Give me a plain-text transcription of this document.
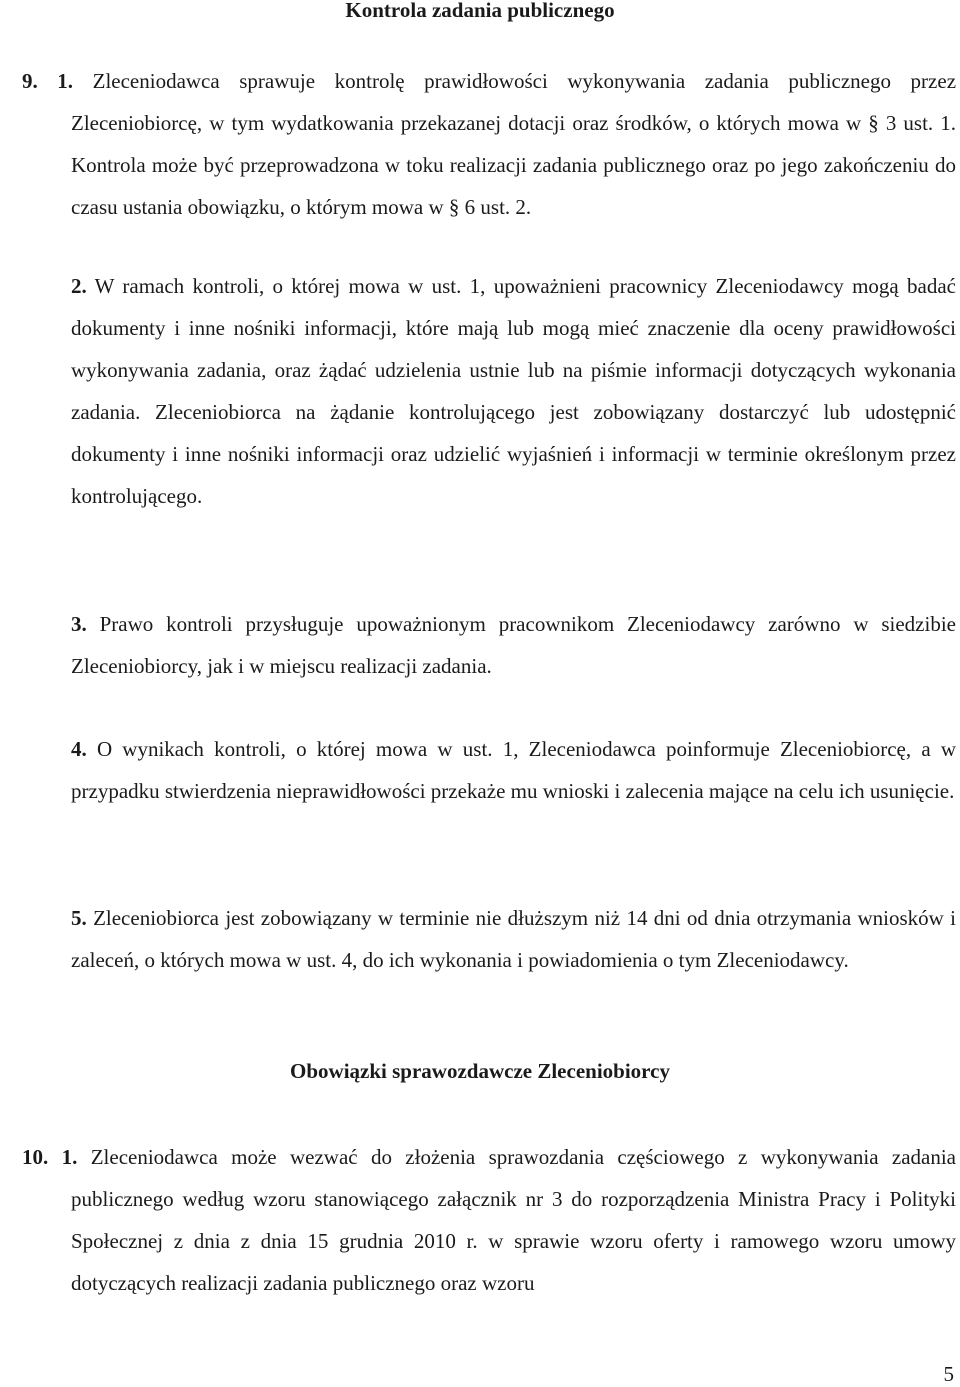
Kontrola zadania publicznego

9. 1. Zleceniodawca sprawuje kontrolę prawidłowości wykonywania zadania publicznego przez Zleceniobiorcę, w tym wydatkowania przekazanej dotacji oraz środków, o których mowa w § 3 ust. 1. Kontrola może być przeprowadzona w toku realizacji zadania publicznego oraz po jego zakończeniu do czasu ustania obowiązku, o którym mowa w § 6 ust. 2.

2. W ramach kontroli, o której mowa w ust. 1, upoważnieni pracownicy Zleceniodawcy mogą badać dokumenty i inne nośniki informacji, które mają lub mogą mieć znaczenie dla oceny prawidłowości wykonywania zadania, oraz żądać udzielenia ustnie lub na piśmie informacji dotyczących wykonania zadania. Zleceniobiorca na żądanie kontrolującego jest zobowiązany dostarczyć lub udostępnić dokumenty i inne nośniki informacji oraz udzielić wyjaśnień i informacji w terminie określonym przez kontrolującego.

3. Prawo kontroli przysługuje upoważnionym pracownikom Zleceniodawcy zarówno w siedzibie Zleceniobiorcy, jak i w miejscu realizacji zadania.

4. O wynikach kontroli, o której mowa w ust. 1, Zleceniodawca poinformuje Zleceniobiorcę, a w przypadku stwierdzenia nieprawidłowości przekaże mu wnioski i zalecenia mające na celu ich usunięcie.

5. Zleceniobiorca jest zobowiązany w terminie nie dłuższym niż 14 dni od dnia otrzymania wniosków i zaleceń, o których mowa w ust. 4, do ich wykonania i powiadomienia o tym Zleceniodawcy.

Obowiązki sprawozdawcze Zleceniobiorcy

10. 1. Zleceniodawca może wezwać do złożenia sprawozdania częściowego z wykonywania zadania publicznego według wzoru stanowiącego załącznik nr 3 do rozporządzenia Ministra Pracy i Polityki Społecznej z dnia z dnia 15 grudnia 2010 r. w sprawie wzoru oferty i ramowego wzoru umowy dotyczących realizacji zadania publicznego oraz wzoru

5
